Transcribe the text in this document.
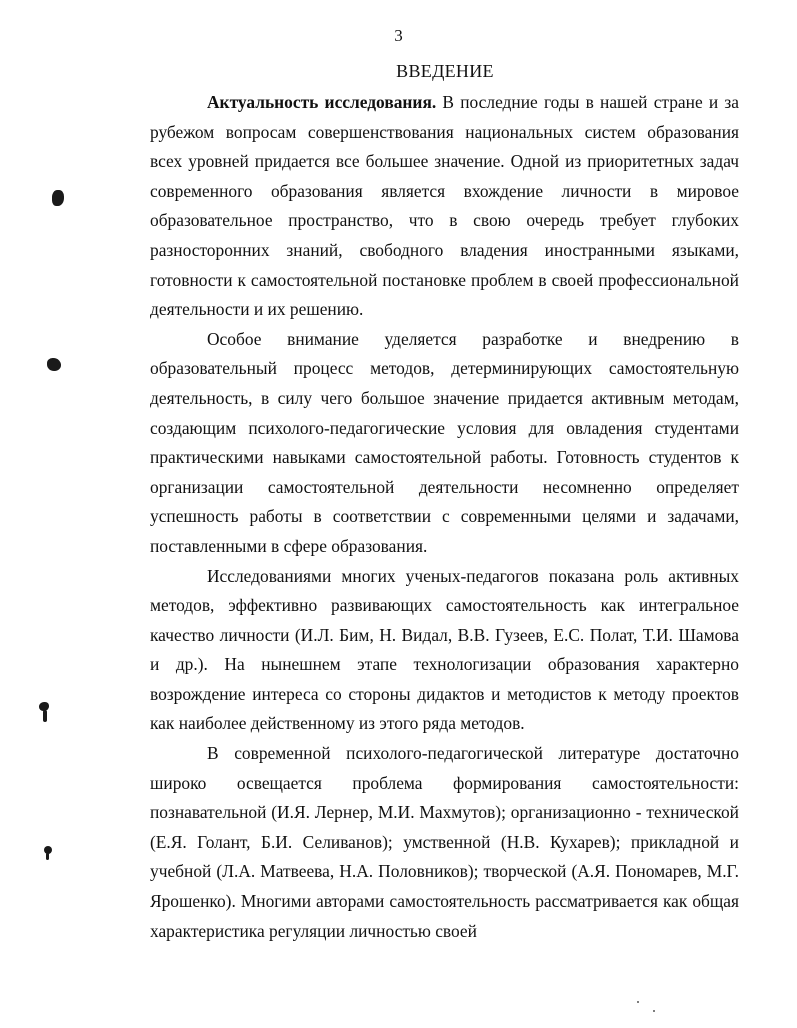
3
ВВЕДЕНИЕ

Актуальность исследования. В последние годы в нашей стране и за рубежом вопросам совершенствования национальных систем образования всех уровней придается все большее значение. Одной из приоритетных задач современного образования является вхождение личности в мировое образовательное пространство, что в свою очередь требует глубоких разносторонних знаний, свободного владения иностранными языками, готовности к самостоятельной постановке проблем в своей профессиональной деятельности и их решению.

Особое внимание уделяется разработке и внедрению в образовательный процесс методов, детерминирующих самостоятельную деятельность, в силу чего большое значение придается активным методам, создающим психолого-педагогические условия для овладения студентами практическими навыками самостоятельной работы. Готовность студентов к организации самостоятельной деятельности несомненно определяет успешность работы в соответствии с современными целями и задачами, поставленными в сфере образования.

Исследованиями многих ученых-педагогов показана роль активных методов, эффективно развивающих самостоятельность как интегральное качество личности (И.Л. Бим, Н. Видал, В.В. Гузеев, Е.С. Полат, Т.И. Шамова и др.). На нынешнем этапе технологизации образования характерно возрождение интереса со стороны дидактов и методистов к методу проектов как наиболее действенному из этого ряда методов.

В современной психолого-педагогической литературе достаточно широко освещается проблема формирования самостоятельности: познавательной (И.Я. Лернер, М.И. Махмутов); организационно - технической (Е.Я. Голант, Б.И. Селиванов); умственной (Н.В. Кухарев); прикладной и учебной (Л.А. Матвеева, Н.А. Половников); творческой (А.Я. Пономарев, М.Г. Ярошенко). Многими авторами самостоятельность рассматривается как общая характеристика регуляции личностью своей
